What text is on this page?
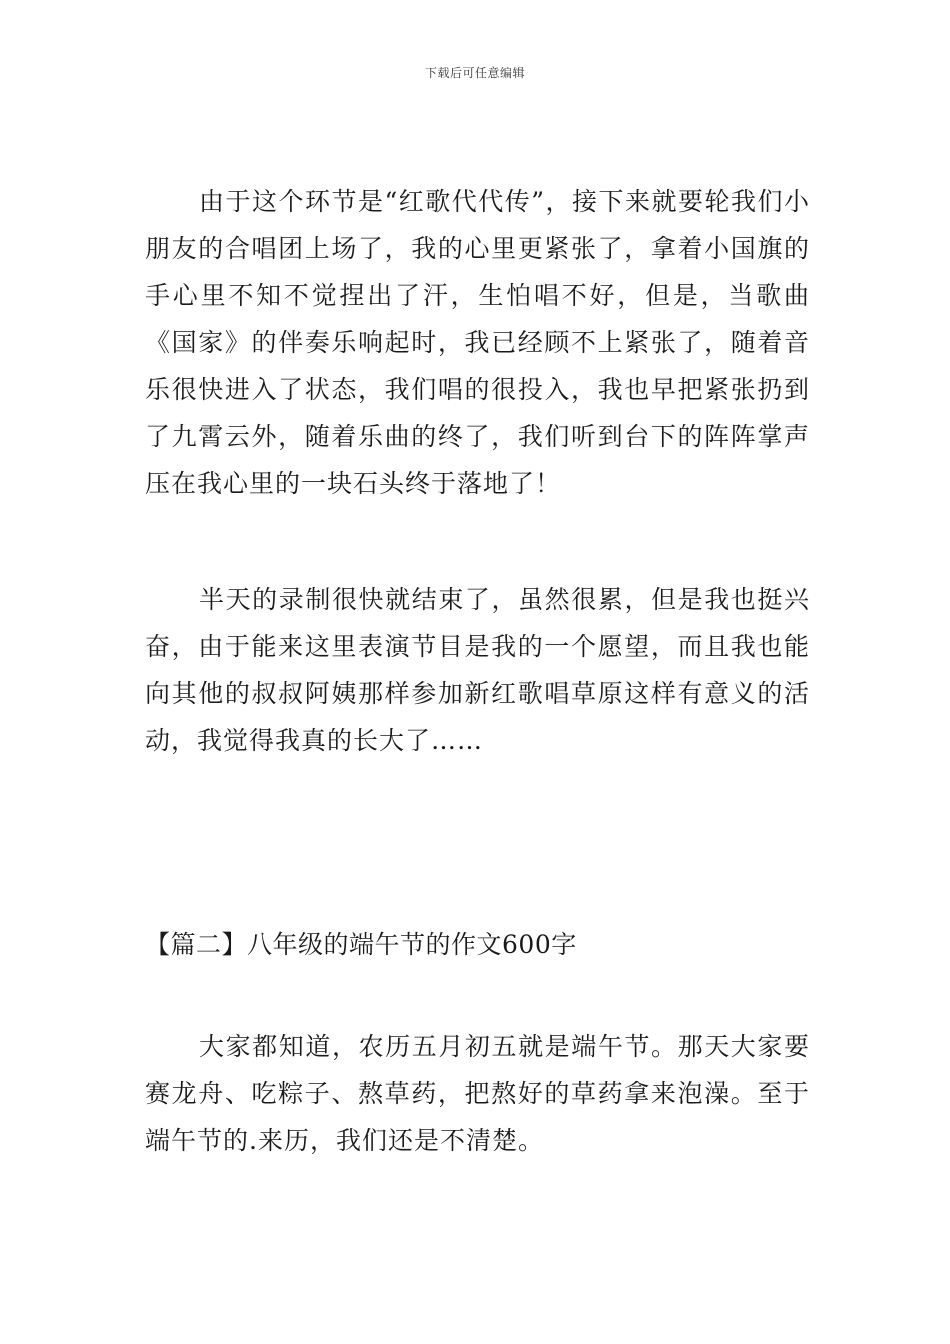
下载后可任意编辑

由于这个环节是“红歌代代传”，接下来就要轮我们小朋友的合唱团上场了，我的心里更紧张了，拿着小国旗的手心里不知不觉捏出了汗，生怕唱不好，但是，当歌曲《国家》的伴奏乐响起时，我已经顾不上紧张了，随着音乐很快进入了状态，我们唱的很投入，我也早把紧张扔到了九霄云外，随着乐曲的终了，我们听到台下的阵阵掌声压在我心里的一块石头终于落地了！

半天的录制很快就结束了，虽然很累，但是我也挺兴奋，由于能来这里表演节目是我的一个愿望，而且我也能向其他的叔叔阿姨那样参加新红歌唱草原这样有意义的活动，我觉得我真的长大了……

【篇二】八年级的端午节的作文600字

大家都知道，农历五月初五就是端午节。那天大家要赛龙舟、吃粽子、熬草药，把熬好的草药拿来泡澡。至于端午节的.来历，我们还是不清楚。
